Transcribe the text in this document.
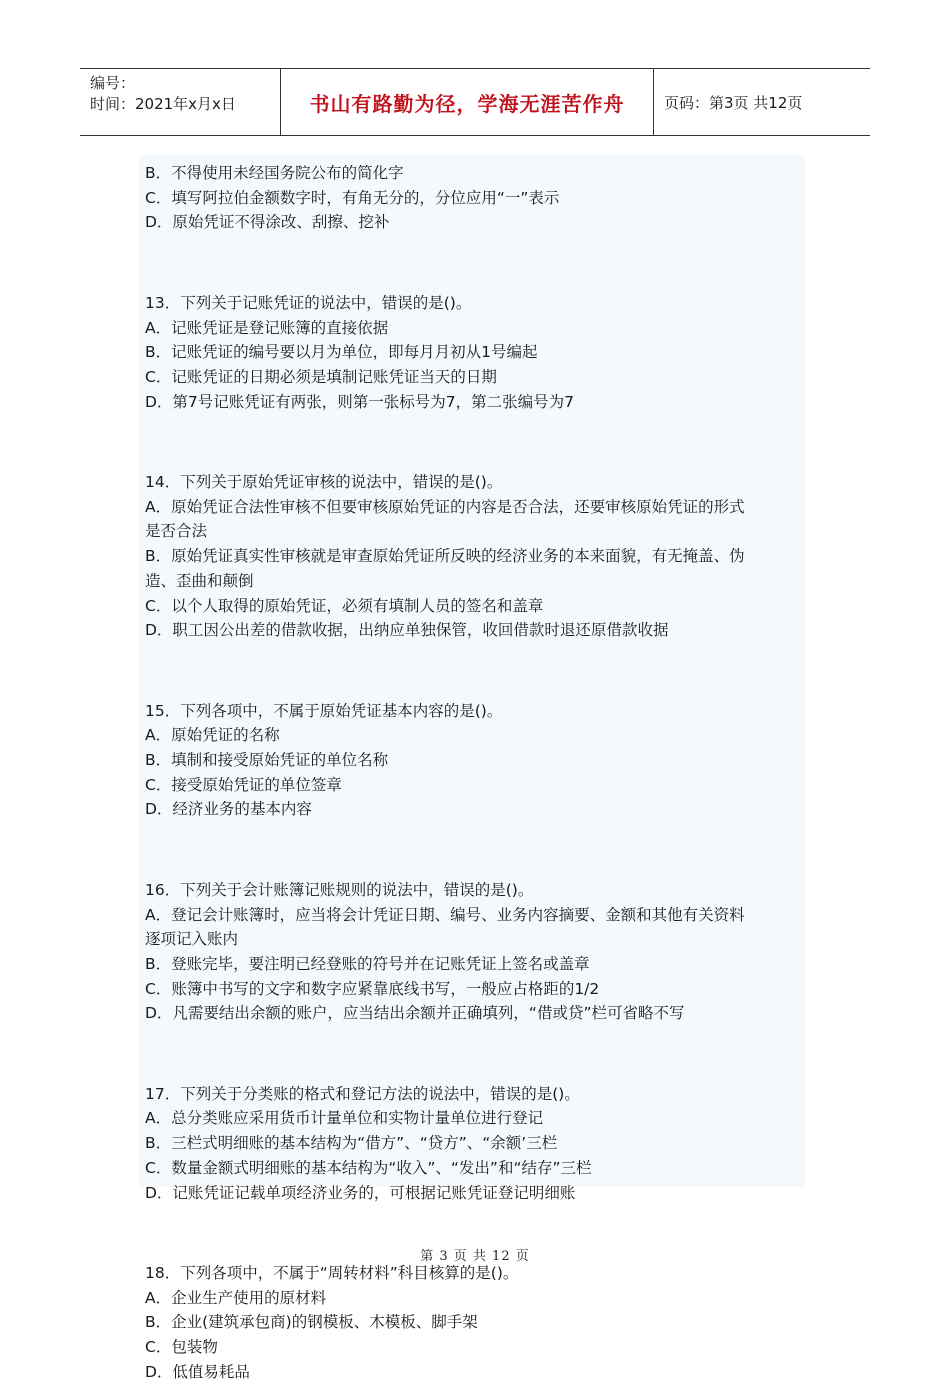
编号：
时间：2021年x月x日	书山有路勤为径，学海无涯苦作舟	页码：第3页 共12页

B．不得使用未经国务院公布的简化字

C．填写阿拉伯金额数字时，有角无分的，分位应用“一”表示

D．原始凭证不得涂改、刮擦、挖补

13．下列关于记账凭证的说法中，错误的是()。

A．记账凭证是登记账簿的直接依据

B．记账凭证的编号要以月为单位，即每月月初从1号编起

C．记账凭证的日期必须是填制记账凭证当天的日期

D．第7号记账凭证有两张，则第一张标号为7，第二张编号为7

14．下列关于原始凭证审核的说法中，错误的是()。

A．原始凭证合法性审核不但要审核原始凭证的内容是否合法，还要审核原始凭证的形式

是否合法

B．原始凭证真实性审核就是审查原始凭证所反映的经济业务的本来面貌，有无掩盖、伪

造、歪曲和颠倒

C．以个人取得的原始凭证，必须有填制人员的签名和盖章

D．职工因公出差的借款收据，出纳应单独保管，收回借款时退还原借款收据

15．下列各项中，不属于原始凭证基本内容的是()。

A．原始凭证的名称

B．填制和接受原始凭证的单位名称

C．接受原始凭证的单位签章

D．经济业务的基本内容

16．下列关于会计账簿记账规则的说法中，错误的是()。

A．登记会计账簿时，应当将会计凭证日期、编号、业务内容摘要、金额和其他有关资料

逐项记入账内

B．登账完毕，要注明已经登账的符号并在记账凭证上签名或盖章

C．账簿中书写的文字和数字应紧靠底线书写，一般应占格距的1/2

D．凡需要结出余额的账户，应当结出余额并正确填列，“借或贷”栏可省略不写

17．下列关于分类账的格式和登记方法的说法中，错误的是()。

A．总分类账应采用货币计量单位和实物计量单位进行登记

B．三栏式明细账的基本结构为“借方”、“贷方”、“余额’三栏

C．数量金额式明细账的基本结构为“收入”、“发出”和“结存”三栏

D．记账凭证记载单项经济业务的，可根据记账凭证登记明细账

18．下列各项中，不属于“周转材料”科目核算的是()。

A．企业生产使用的原材料

B．企业(建筑承包商)的钢模板、木模板、脚手架

C．包装物

D．低值易耗品

第 3 页 共 12 页
